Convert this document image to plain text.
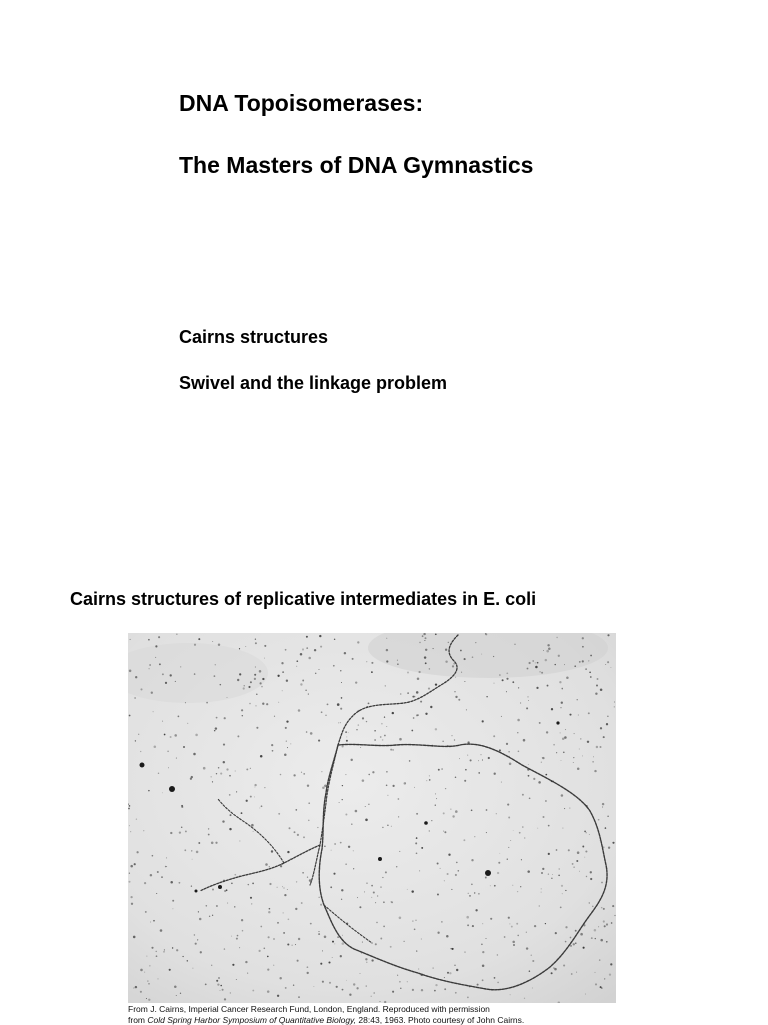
DNA Topoisomerases:
The Masters of DNA Gymnastics
Cairns structures
Swivel and the linkage problem
Cairns structures of replicative intermediates in E. coli
From J. Cairns, Imperial Cancer Research Fund, London, England. Reproduced with permission
from Cold Spring Harbor Symposium of Quantitative Biology, 28:43, 1963. Photo courtesy of John Cairns.
